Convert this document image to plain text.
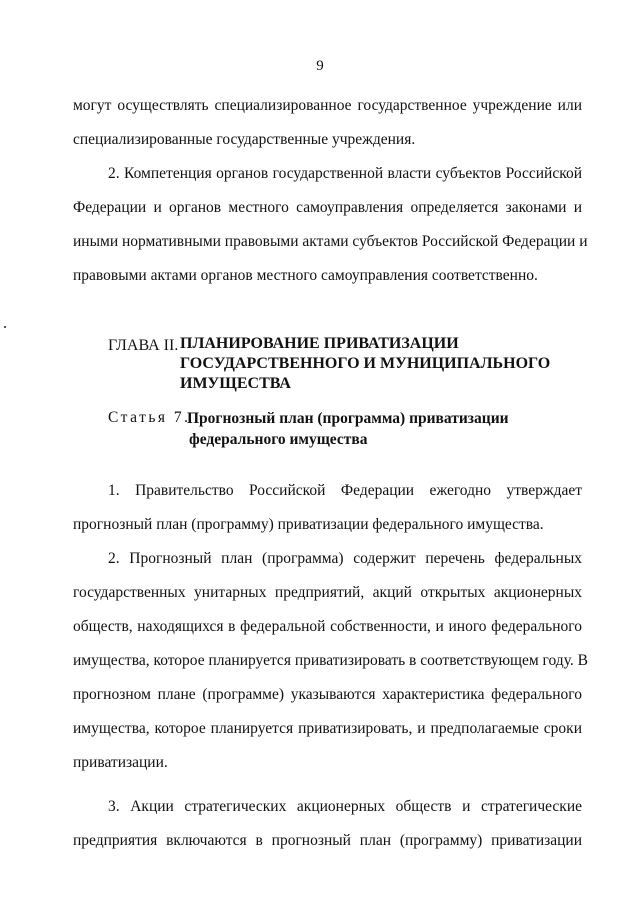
9
могут осуществлять специализированное государственное учреждение или
специализированные государственные учреждения.
2. Компетенция органов государственной власти субъектов Российской
Федерации и органов местного самоуправления определяется законами и
иными нормативными правовыми актами субъектов Российской Федерации и
правовыми актами органов местного самоуправления соответственно.
ГЛАВА II. ПЛАНИРОВАНИЕ ПРИВАТИЗАЦИИ
ГОСУДАРСТВЕННОГО И МУНИЦИПАЛЬНОГО
ИМУЩЕСТВА
Статья 7.
Прогнозный план (программа) приватизации
федерального имущества
1. Правительство Российской Федерации ежегодно утверждает
прогнозный план (программу) приватизации федерального имущества.
2. Прогнозный план (программа) содержит перечень федеральных
государственных унитарных предприятий, акций открытых акционерных
обществ, находящихся в федеральной собственности, и иного федерального
имущества, которое планируется приватизировать в соответствующем году. В
прогнозном плане (программе) указываются характеристика федерального
имущества, которое планируется приватизировать, и предполагаемые сроки
приватизации.
3. Акции стратегических акционерных обществ и стратегические
предприятия включаются в прогнозный план (программу) приватизации
